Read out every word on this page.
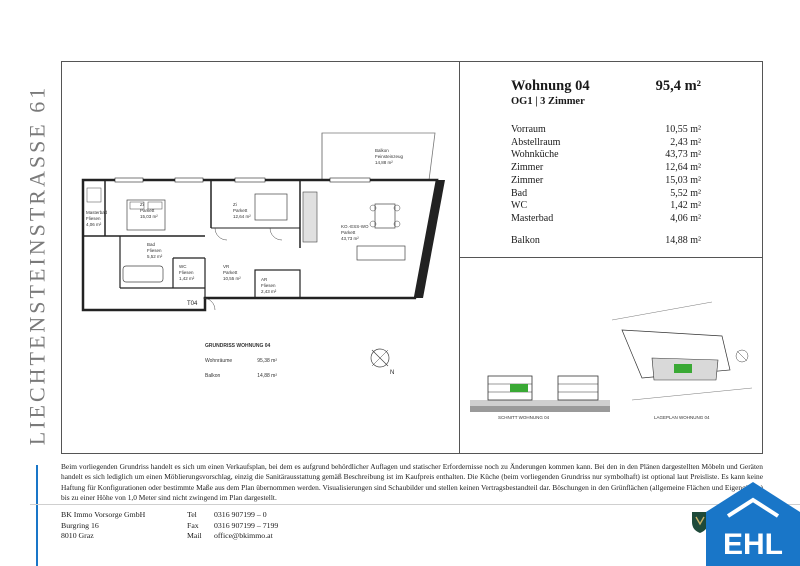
LIECHTENSTEINSTRASSE 61	Wohnung 04	95,4 m²
OG1 | 3 Zimmer
Vorraum	10,55 m²
Abstellraum	2,43 m²
Wohnküche	43,73 m²
Zimmer	12,64 m²
Zimmer	15,03 m²
Bad	5,52 m²
WC	1,42 m²
Masterbad	4,06 m²
Balkon	14,88 m²
Balkon
Feinsteinzeug
14,88 m²
Masterbad
Fliesen
4,06 m²
Zi
Parkett
15,03 m²
Zi
Parkett
12,64 m²
KO.-ESS-WO
Parkett
43,73 m²
Bad
Fliesen
5,52 m²
WC
Fliesen
1,42 m²
VR
Parkett
10,55 m²	AR
Fliesen
2,43 m²
T04
GRUNDRISS WOHNUNG 04
Wohnräume	95,38 m²
Balkon	14,88 m²	N
SCHNITT WOHNUNG 04	LAGEPLAN WOHNUNG 04
Beim vorliegenden Grundriss handelt es sich um einen Verkaufsplan, bei dem es aufgrund behördlicher Auflagen und statischer Erfordernisse noch zu Änderungen kommen kann. Bei den in den Plänen dargestellten Möbeln und Geräten handelt es sich lediglich um einen Möblierungsvorschlag, einzig die Sanitärausstattung gemäß Beschreibung ist im Kaufpreis enthalten. Die Küche (beim vorliegenden Grundriss nur symbolhaft) ist optional laut Preisliste. Es kann keine Haftung für Konfigurationen oder bestimmte Maße aus dem Plan übernommen werden. Visualisierungen sind Schaubilder und stellen keinen Vertragsbestandteil dar. Böschungen in den Grünflächen (allgemeine Flächen und Eigengärten) bis zu einer Höhe von 1,0 Meter sind nicht zwingend im Plan dargestellt.
BK Immo Vorsorge GmbH
Burgring 16
8010 Graz
Tel	0316 907199 – 0
Fax	0316 907199 – 7199
Mail	office@bkimmo.at	EHL
